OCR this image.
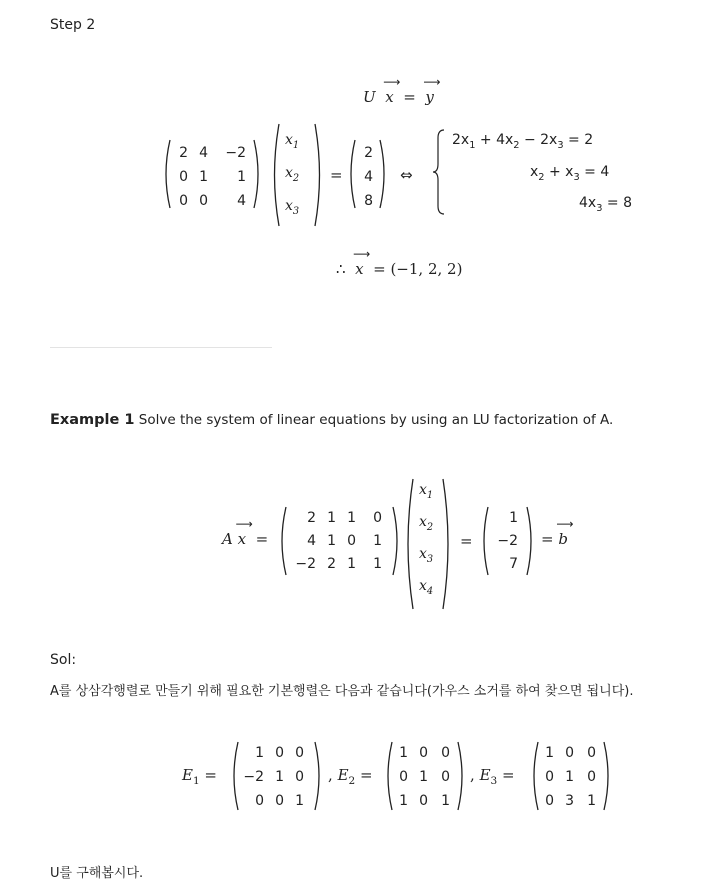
Step 2
U
⟶
x =
⟶
y
2 4 −2
0 1	1
0 0	4
$x_1$
$x_2$
$x_3$
=
2
4
8
⇔
$2x_1 + 4x_2 - 2x_3 = 2$
$x_2 + x_3 = 4$
$4x_3 = 8$
∴
⟶
x = (−1, 2, 2)
Example 1 Solve the system of linear equations by using an LU factorization of A.
A
⟶
x =
2 1 1	0
4 1 0	1
−2 2 1	1
$x_1$
$x_2$
$x_3$
$x_4$
=
1
−2
7
=
⟶
b
Sol:
A를 상삼각행렬로 만들기 위해 필요한 기본행렬은 다음과 같습니다(가우스 소거를 하여 찾으면 됩니다).
$E_1$ =
1 0 0
−2 1 0
0 0 1
, $E_2$ =
1 0 0
0 1 0
1 0 1
, $E_3$ =
1 0 0
0 1 0
0 3 1
U를 구해봅시다.
